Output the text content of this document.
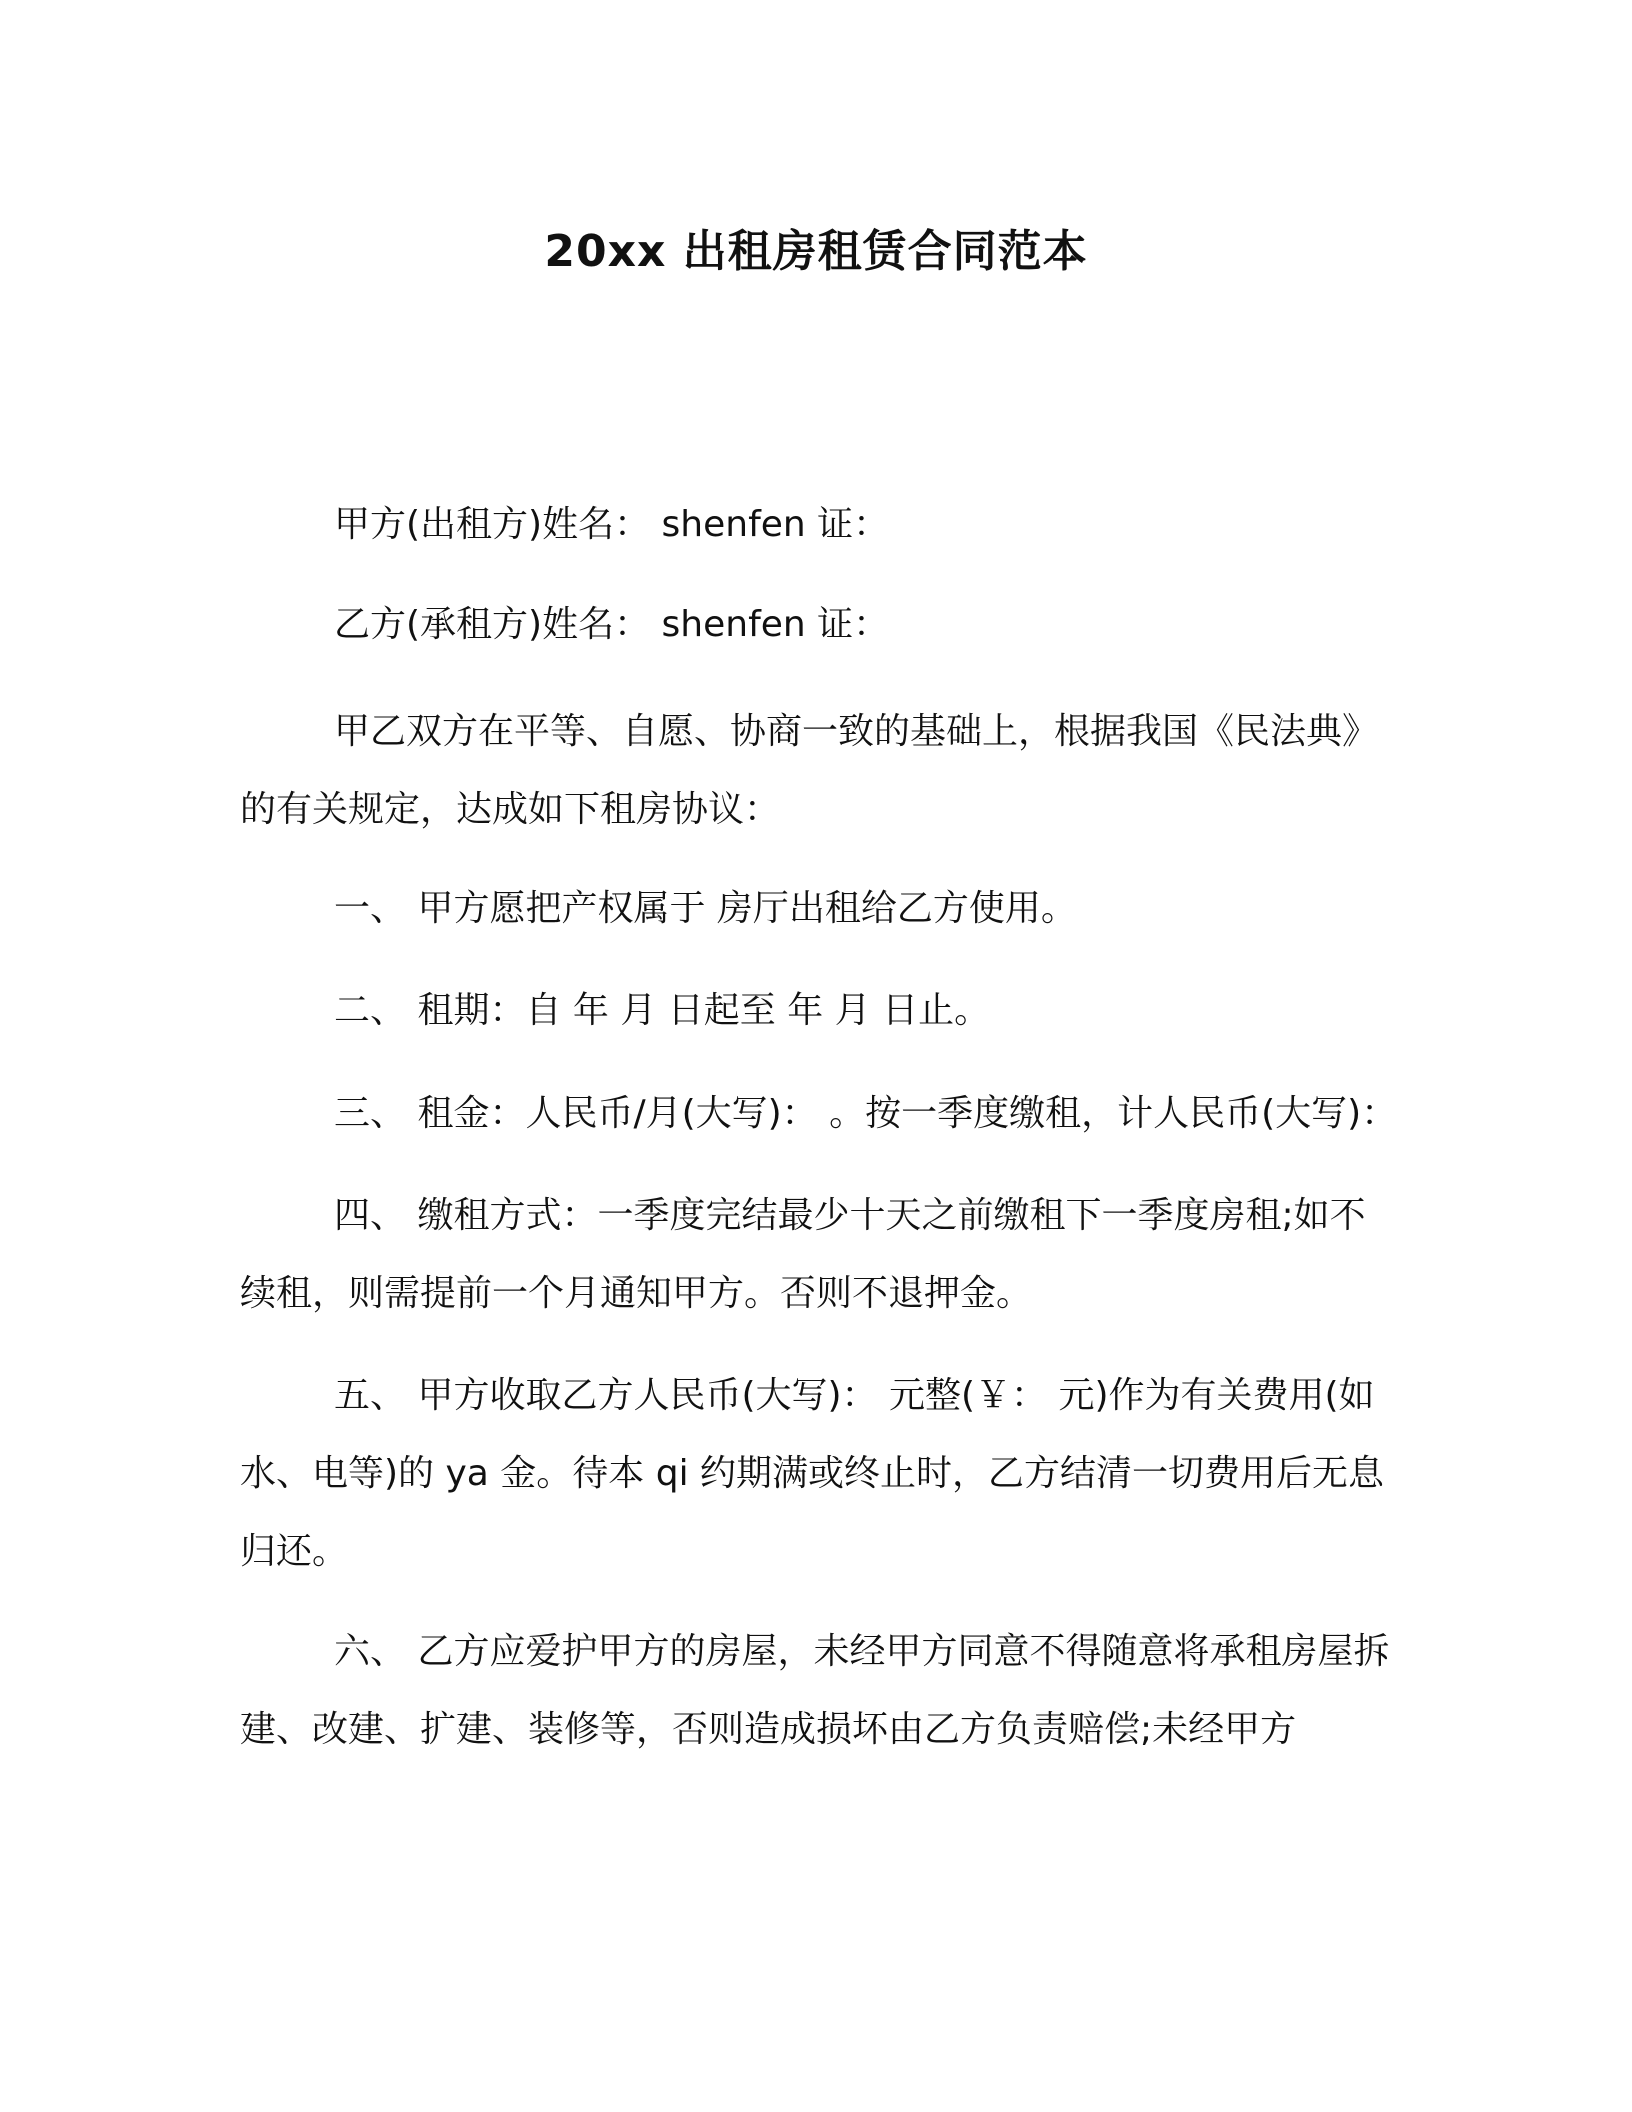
20xx 出租房租赁合同范本

甲方(出租方)姓名： shenfen 证：

乙方(承租方)姓名： shenfen 证：

甲乙双方在平等、自愿、协商一致的基础上，根据我国《民法典》的有关规定，达成如下租房协议：

一、 甲方愿把产权属于 房厅出租给乙方使用。

二、 租期：自 年 月 日起至 年 月 日止。

三、 租金：人民币/月(大写)： 。按一季度缴租，计人民币(大写)：

四、 缴租方式：一季度完结最少十天之前缴租下一季度房租;如不续租，则需提前一个月通知甲方。否则不退押金。

五、 甲方收取乙方人民币(大写)： 元整(￥： 元)作为有关费用(如水、电等)的 ya 金。待本 qi 约期满或终止时，乙方结清一切费用后无息归还。

六、 乙方应爱护甲方的房屋，未经甲方同意不得随意将承租房屋拆建、改建、扩建、装修等，否则造成损坏由乙方负责赔偿;未经甲方
